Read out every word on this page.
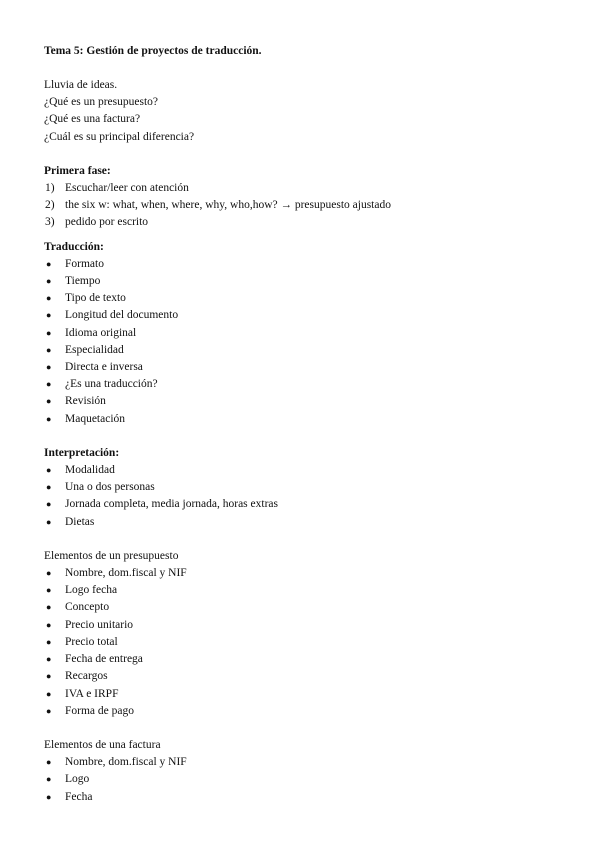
Tema 5: Gestión de proyectos de traducción.
Lluvia de ideas.
¿Qué es un presupuesto?
¿Qué es una factura?
¿Cuál es su principal diferencia?
Primera fase:
1) Escuchar/leer con atención
2) the six w: what, when, where, why, who,how? → presupuesto ajustado
3) pedido por escrito
Traducción:
●	Formato
●	Tiempo
●	Tipo de texto
●	Longitud del documento
●	Idioma original
●	Especialidad
●	Directa e inversa
●	¿Es una traducción?
●	Revisión
●	Maquetación
Interpretación:
●	Modalidad
●	Una o dos personas
●	Jornada completa, media jornada, horas extras
●	Dietas
Elementos de un presupuesto
●	Nombre, dom.fiscal y NIF
●	Logo fecha
●	Concepto
●	Precio unitario
●	Precio total
●	Fecha de entrega
●	Recargos
●	IVA e IRPF
●	Forma de pago
Elementos de una factura
●	Nombre, dom.fiscal y NIF
●	Logo
●	Fecha
